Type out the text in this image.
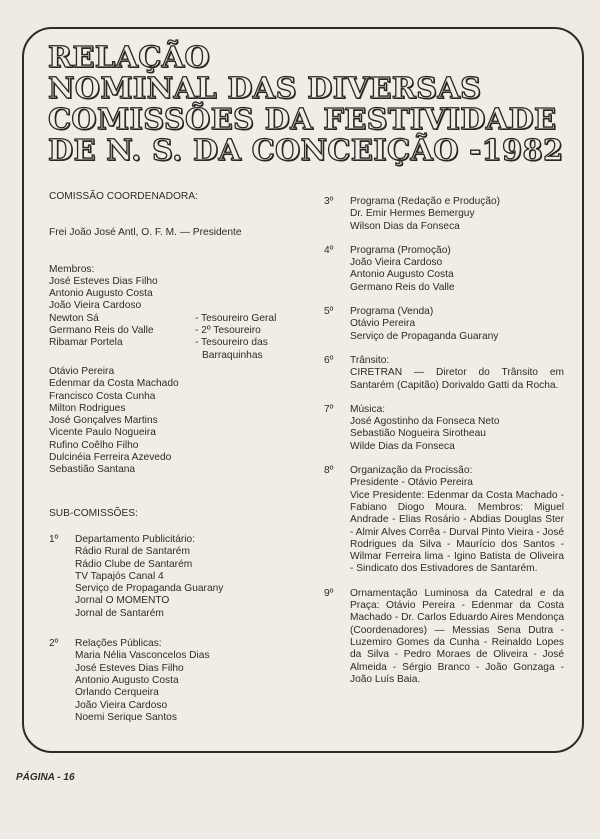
RELAÇÃO
NOMINAL DAS DIVERSAS
COMISSÕES DA FESTIVIDADE
DE N. S. DA CONCEIÇÃO -1982
COMISSÃO COORDENADORA:
Frei João José Antl, O. F. M. — Presidente
Membros:
José Esteves Dias Filho
Antonio Augusto Costa
João Vieira Cardoso
Newton Sá	- Tesoureiro Geral
Germano Reis do Valle	- 2º Tesoureiro
Ribamar Portela	- Tesoureiro das
Barraquinhas
Otávio Pereira
Edenmar da Costa Machado
Francisco Costa Cunha
Milton Rodrigues
José Gonçalves Martins
Vicente Paulo Nogueira
Rufino Coêlho Filho
Dulcinéia Ferreira Azevedo
Sebastião Santana
SUB-COMISSÕES:
1º	Departamento Publicitário:
Rádio Rural de Santarém
Rádio Clube de Santarém
TV Tapajós Canal 4
Serviço de Propaganda Guarany
Jornal O MOMENTO
Jornal de Santarém
2º	Relações Públicas:
Maria Nélia Vasconcelos Dias
José Esteves Dias Filho
Antonio Augusto Costa
Orlando Cerqueira
João Vieira Cardoso
Noemi Serique Santos
3º	Programa (Redação e Produção)
Dr. Emir Hermes Bemerguy
Wilson Dias da Fonseca
4º	Programa (Promoção)
João Vieira Cardoso
Antonio Augusto Costa
Germano Reis do Valle
5º	Programa (Venda)
Otávio Pereira
Serviço de Propaganda Guarany
6º	Trânsito:
CIRETRAN — Diretor do Trânsito em Santarém (Capitão) Dorivaldo Gatti da Rocha.
7º	Música:
José Agostinho da Fonseca Neto
Sebastião Nogueira Sirotheau
Wilde Dias da Fonseca
8º	Organização da Procissão:
Presidente - Otávio Pereira
Vice Presidente: Edenmar da Costa Machado - Fabiano Diogo Moura. Membros: Miguel Andrade - Elias Rosário - Abdias Douglas Ster - Almir Alves Corrêa - Durval Pinto Vieira - José Rodrigues da Silva - Maurício dos Santos - Wilmar Ferreira lima - Igino Batista de Oliveira - Sindicato dos Estivadores de Santarém.
9º	Ornamentação Luminosa da Catedral e da Praça: Otávio Pereira - Edenmar da Costa Machado - Dr. Carlos Eduardo Aires Mendonça (Coordenadores) — Messias Sena Dutra - Luzemiro Gomes da Cunha - Reinaldo Lopes da Silva - Pedro Moraes de Oliveira - José Almeida - Sérgio Branco - João Gonzaga - João Luís Baia.
PÁGINA - 16
